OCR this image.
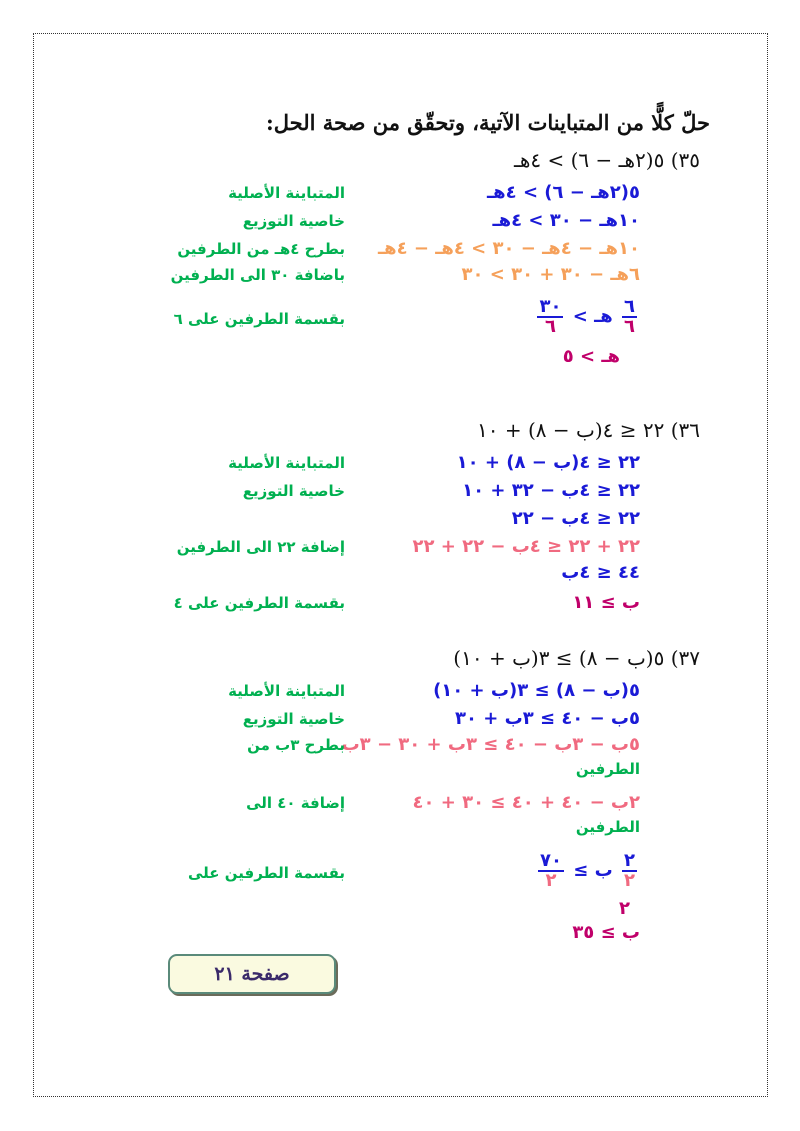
حلّ كلًّا من المتباينات الآتية، وتحقّق من صحة الحل:
٣٥) ٥(٢هـ − ٦) > ٤هـ
٥(٢هـ − ٦) > ٤هـ
المتباينة الأصلية
١٠هـ − ٣٠ > ٤هـ
خاصية التوزيع
١٠هـ − ٤هـ − ٣٠ > ٤هـ − ٤هـ
بطرح ٤هـ من الطرفين
٦هـ − ٣٠ + ٣٠ > ٣٠
باضافة ٣٠ الى الطرفين
$\frac{٦}{٦}$
هـ >
$\frac{٣٠}{٦}$
بقسمة الطرفين على ٦
هـ > ٥
٣٦) ٢٢ ≤ ٤(ب − ٨) + ١٠
٢٢ ≤ ٤(ب − ٨) + ١٠
المتباينة الأصلية
٢٢ ≤ ٤ب − ٣٢ + ١٠
خاصية التوزيع
٢٢ ≤ ٤ب − ٢٢
٢٢ + ٢٢ ≤ ٤ب − ٢٢ + ٢٢
إضافة ٢٢ الى الطرفين
٤٤ ≤ ٤ب
ب ≥ ١١
بقسمة الطرفين على ٤
٣٧) ٥(ب − ٨) ≥ ٣(ب + ١٠)
٥(ب − ٨) ≥ ٣(ب + ١٠)
المتباينة الأصلية
٥ب − ٤٠ ≥ ٣ب + ٣٠
خاصية التوزيع
٥ب − ٣ب − ٤٠ ≥ ٣ب + ٣٠ − ٣ب
بطرح ٣ب من
الطرفين
٢ب − ٤٠ + ٤٠ ≥ ٣٠ + ٤٠
إضافة ٤٠ الى
الطرفين
$\frac{٢}{٢}$
ب ≥
$\frac{٧٠}{٢}$
بقسمة الطرفين على
٢
ب ≥ ٣٥
صفحة ٢١
